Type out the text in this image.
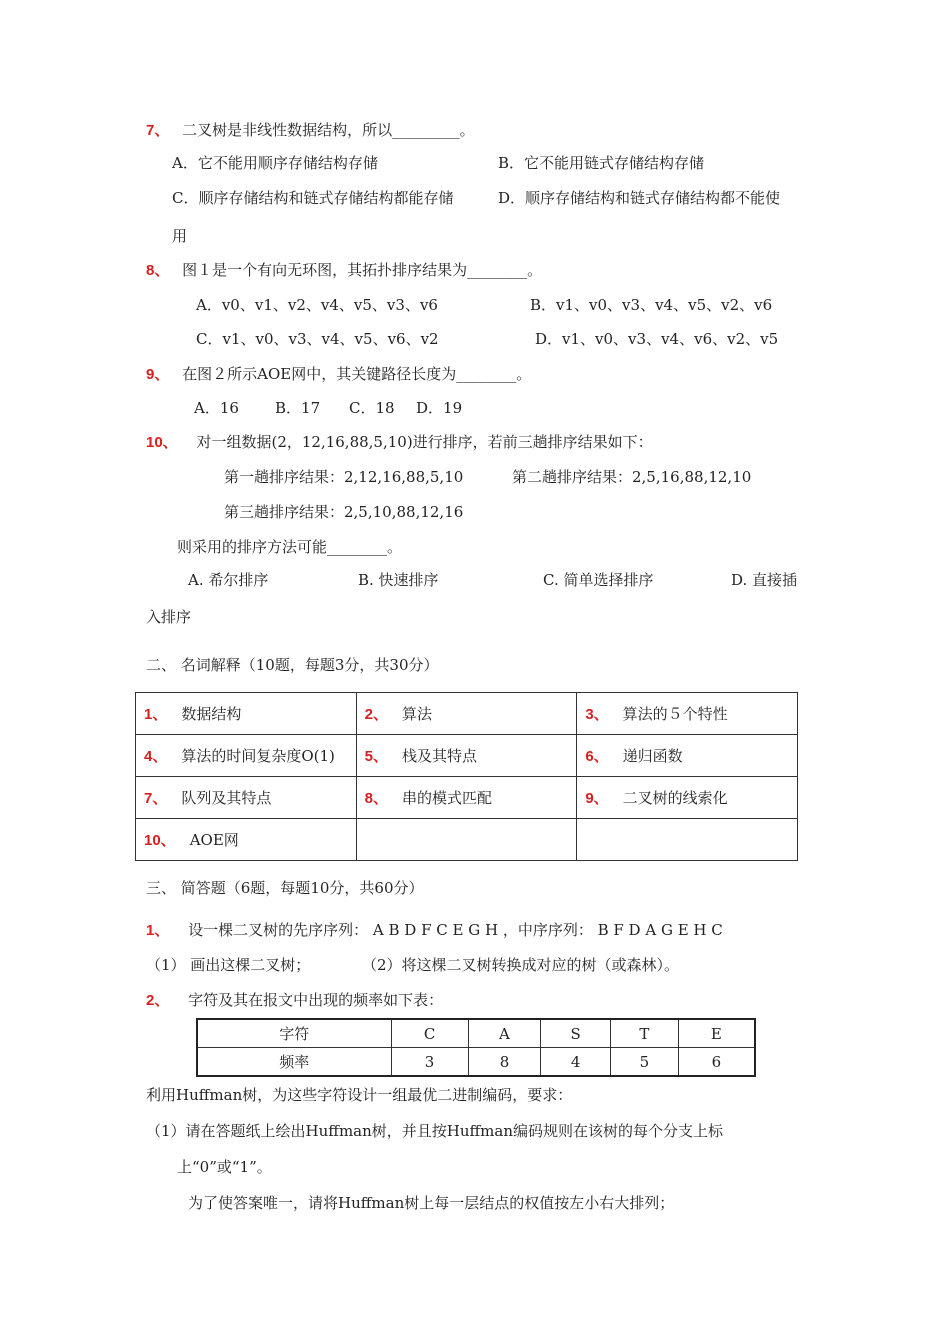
7、 二叉树是非线性数据结构，所以_________。
A．它不能用顺序存储结构存储	B．它不能用链式存储结构存储
C．顺序存储结构和链式存储结构都能存储	D．顺序存储结构和链式存储结构都不能使
用
8、 图１是一个有向无环图，其拓扑排序结果为________。
A．v0、v1、v2、v4、v5、v3、v6	B．v1、v0、v3、v4、v5、v2、v6
C．v1、v0、v3、v4、v5、v6、v2	D．v1、v0、v3、v4、v6、v2、v5
9、 在图２所示AOE网中，其关键路径长度为________。
A．16 B．17 C．18 D．19
10、 对一组数据(2，12,16,88,5,10)进行排序，若前三趟排序结果如下：
第一趟排序结果：2,12,16,88,5,10	第二趟排序结果：2,5,16,88,12,10
第三趟排序结果：2,5,10,88,12,16
则采用的排序方法可能________。
A. 希尔排序	B. 快速排序	C. 简单选择排序	D. 直接插
入排序
二、 名词解释（10题，每题3分，共30分）
1、 数据结构	2、 算法	3、 算法的５个特性
4、 算法的时间复杂度O(1)	5、 栈及其特点	6、 递归函数
7、 队列及其特点	8、 串的模式匹配	9、 二叉树的线索化
10、 AOE网		
三、 简答题（6题，每题10分，共60分）
1、 设一棵二叉树的先序序列： A B D F C E G H ，中序序列： B F D A G E H C
（1） 画出这棵二叉树；	（2）将这棵二叉树转换成对应的树（或森林）。
2、 字符及其在报文中出现的频率如下表：
字符	C	A	S	T	E
频率	3	8	4	5	6
利用Huffman树，为这些字符设计一组最优二进制编码，要求：
（1）请在答题纸上绘出Huffman树，并且按Huffman编码规则在该树的每个分支上标
上“0”或“1”。
为了使答案唯一，请将Huffman树上每一层结点的权值按左小右大排列；
